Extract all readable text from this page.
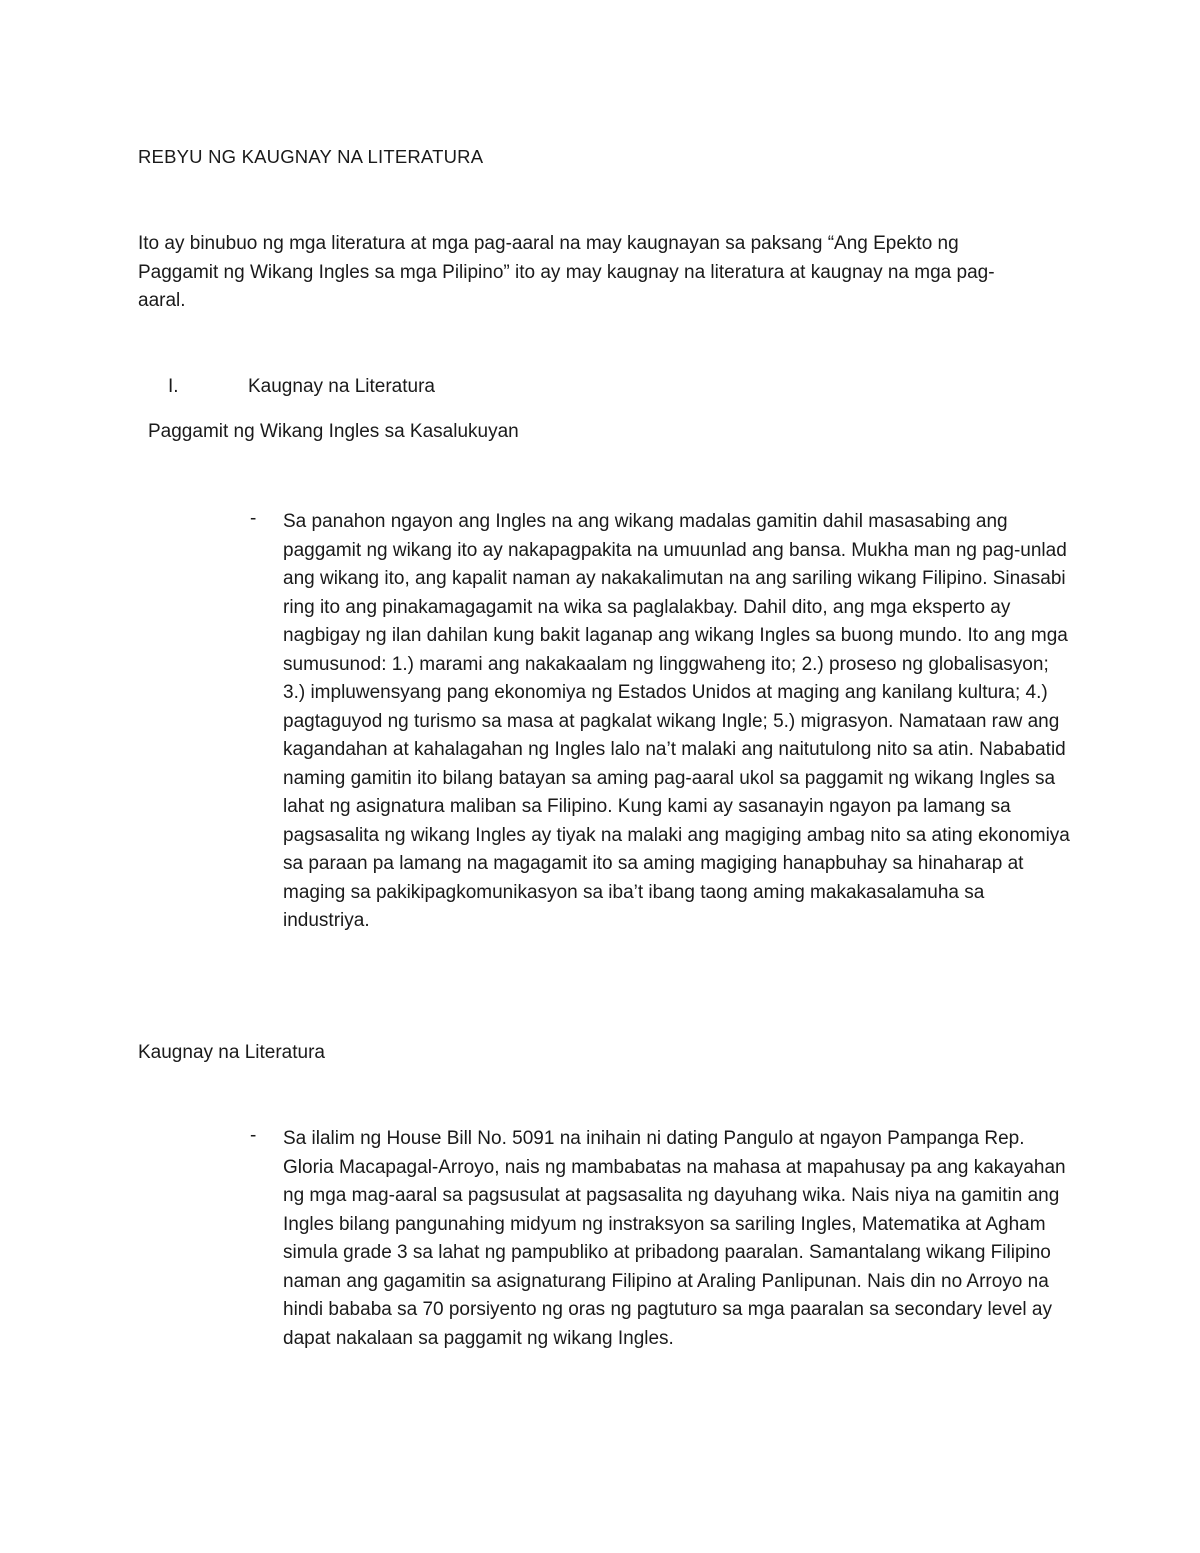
REBYU NG KAUGNAY NA LITERATURA
Ito ay binubuo ng mga literatura at mga pag-aaral na may kaugnayan sa paksang “Ang Epekto ng Paggamit ng Wikang Ingles sa mga Pilipino” ito ay may kaugnay na literatura at kaugnay na mga pag-aaral.
I.	Kaugnay na Literatura
Paggamit ng Wikang Ingles sa Kasalukuyan
- Sa panahon ngayon ang Ingles na ang wikang madalas gamitin dahil masasabing ang paggamit ng wikang ito ay nakapagpakita na umuunlad ang bansa. Mukha man ng pag-unlad ang wikang ito, ang kapalit naman ay nakakalimutan na ang sariling wikang Filipino. Sinasabi ring ito ang pinakamagagamit na wika sa paglalakbay. Dahil dito, ang mga eksperto ay nagbigay ng ilan dahilan kung bakit laganap ang wikang Ingles sa buong mundo. Ito ang mga sumusunod: 1.) marami ang nakakaalam ng linggwaheng ito; 2.) proseso ng globalisasyon; 3.) impluwensyang pang ekonomiya ng Estados Unidos at maging ang kanilang kultura; 4.) pagtaguyod ng turismo sa masa at pagkalat wikang Ingle; 5.) migrasyon. Namataan raw ang kagandahan at kahalagahan ng Ingles lalo na’t malaki ang naitutulong nito sa atin. Nababatid naming gamitin ito bilang batayan sa aming pag-aaral ukol sa paggamit ng wikang Ingles sa lahat ng asignatura maliban sa Filipino. Kung kami ay sasanayin ngayon pa lamang sa pagsasalita ng wikang Ingles ay tiyak na malaki ang magiging ambag nito sa ating ekonomiya sa paraan pa lamang na magagamit ito sa aming magiging hanapbuhay sa hinaharap at maging sa pakikipagkomunikasyon sa iba’t ibang taong aming makakasalamuha sa industriya.
Kaugnay na Literatura
- Sa ilalim ng House Bill No. 5091 na inihain ni dating Pangulo at ngayon Pampanga Rep. Gloria Macapagal-Arroyo, nais ng mambabatas na mahasa at mapahusay pa ang kakayahan ng mga mag-aaral sa pagsusulat at pagsasalita ng dayuhang wika. Nais niya na gamitin ang Ingles bilang pangunahing midyum ng instraksyon sa sariling Ingles, Matematika at Agham simula grade 3 sa lahat ng pampubliko at pribadong paaralan. Samantalang wikang Filipino naman ang gagamitin sa asignaturang Filipino at Araling Panlipunan. Nais din no Arroyo na hindi bababa sa 70 porsiyento ng oras ng pagtuturo sa mga paaralan sa secondary level ay dapat nakalaan sa paggamit ng wikang Ingles.
